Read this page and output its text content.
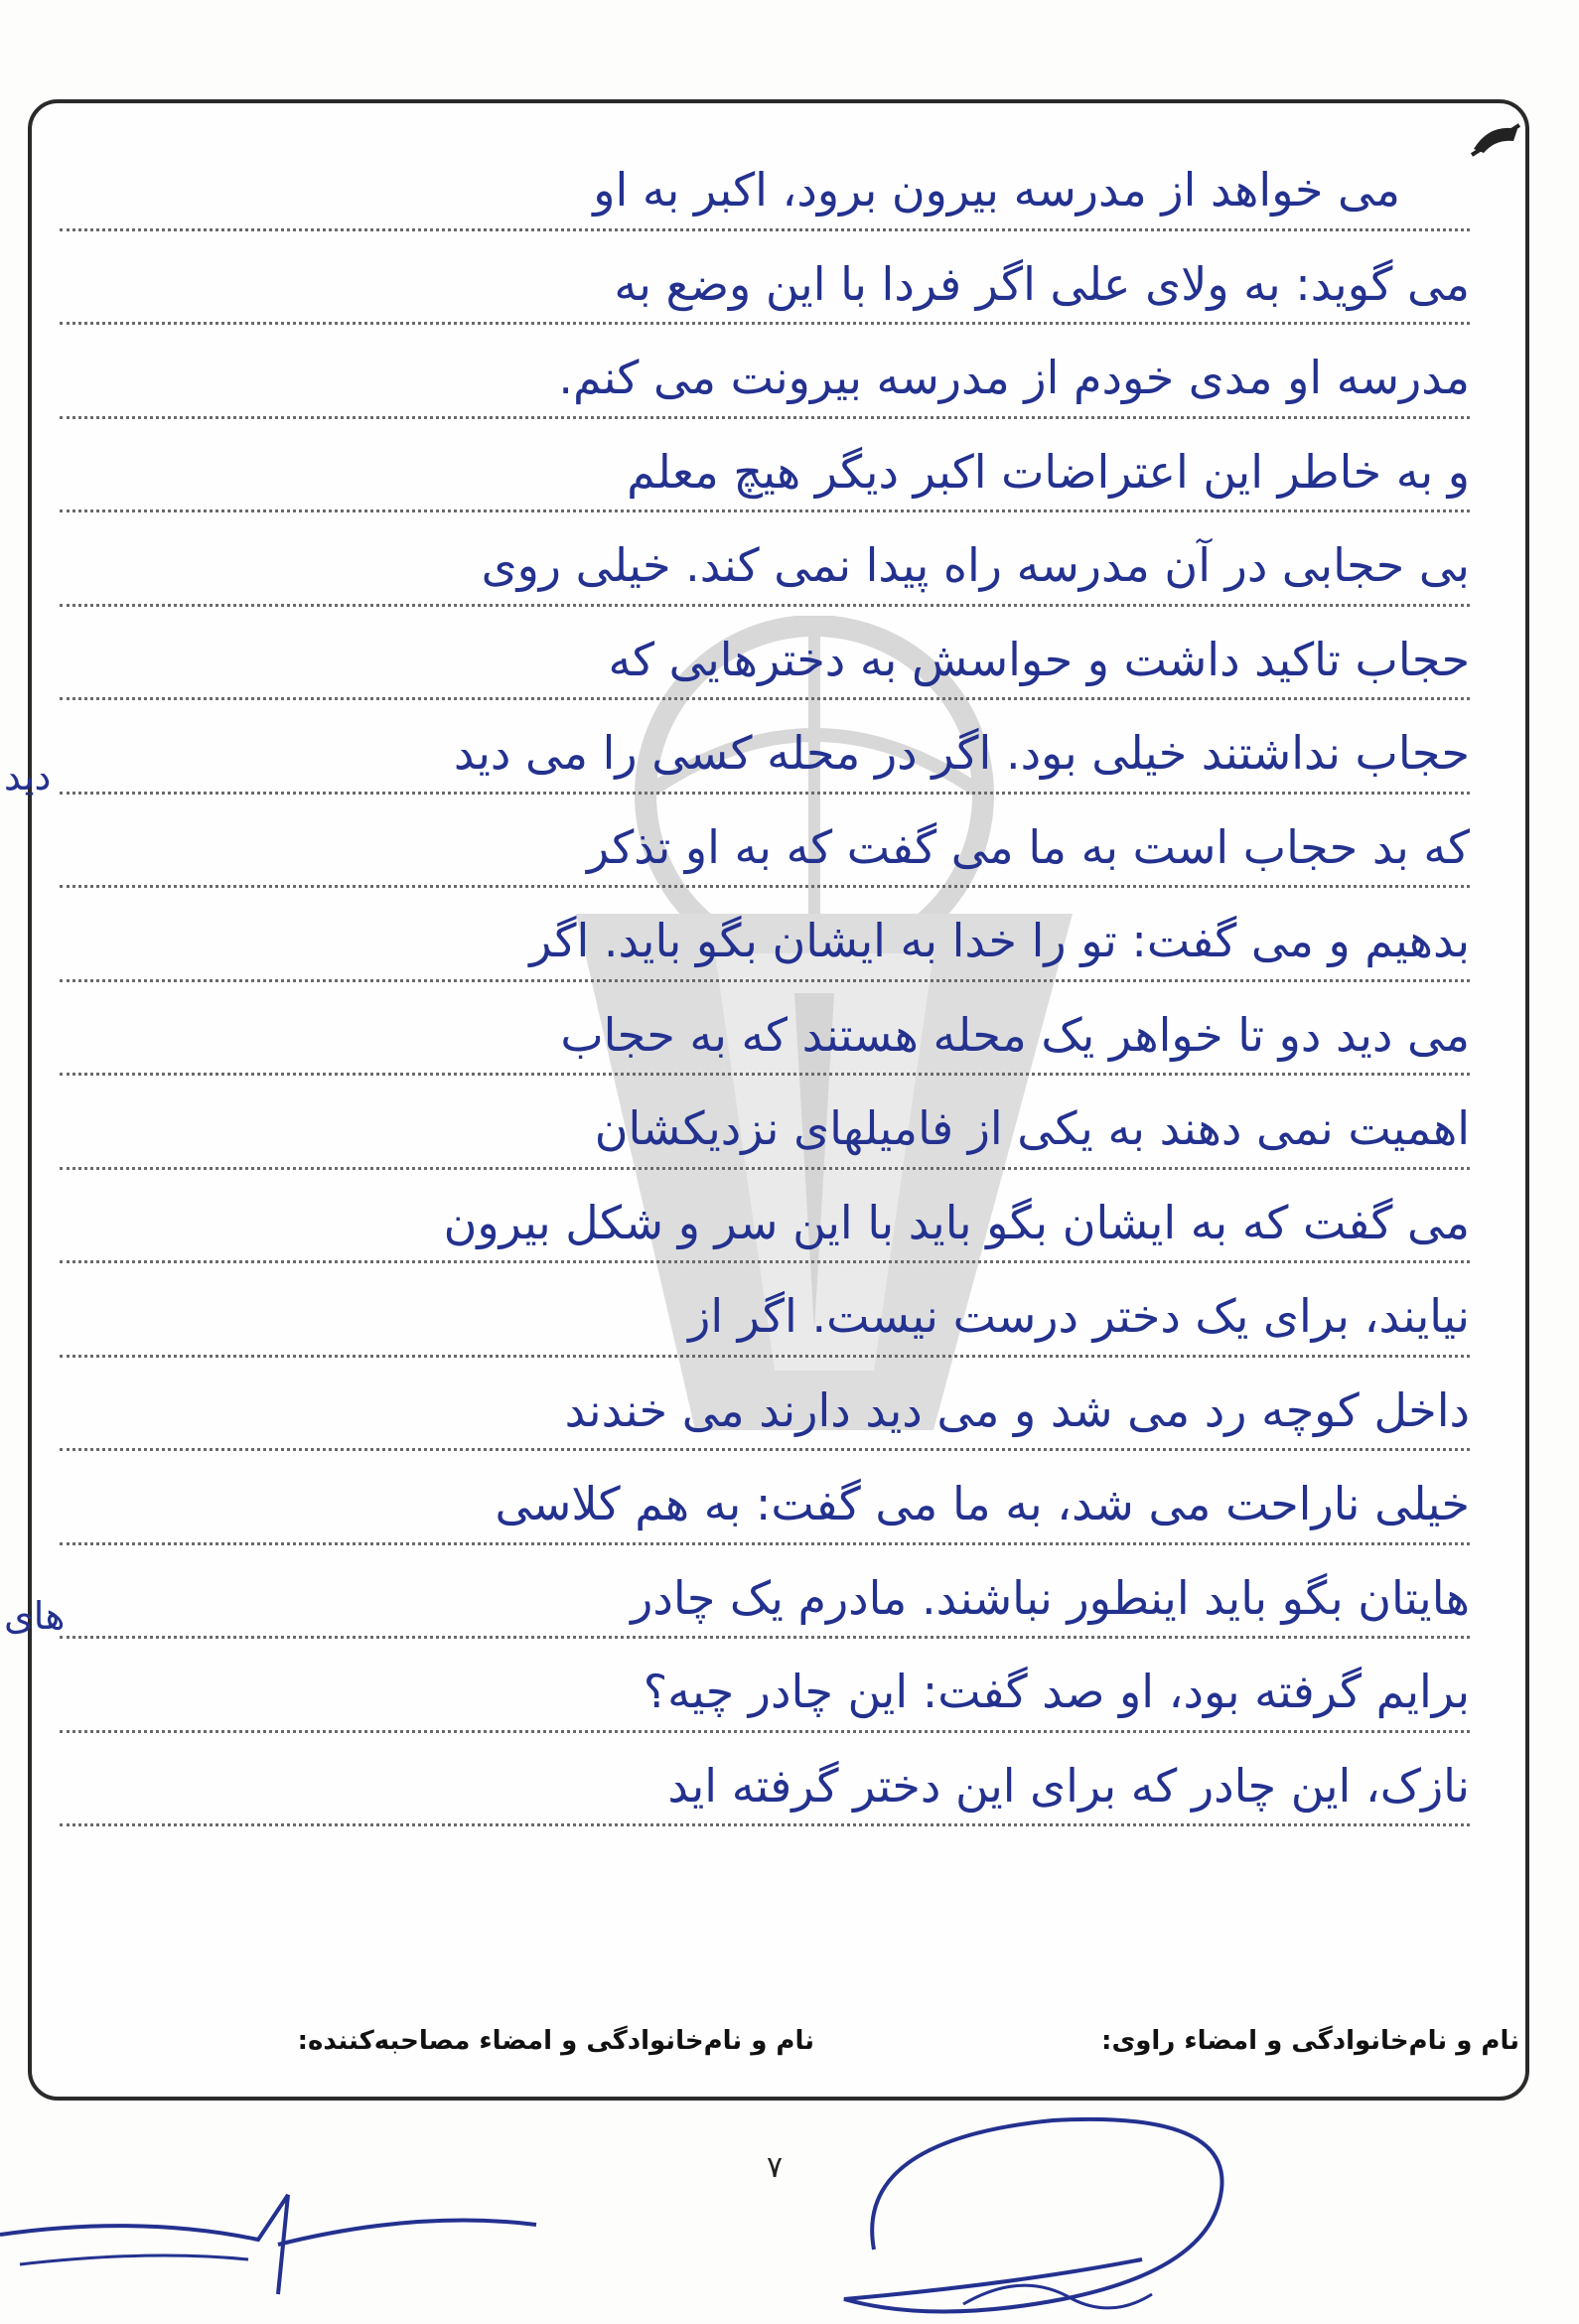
می خواهد از مدرسه بیرون برود، اکبر به او
می گوید: به ولای علی اگر فردا با این وضع به
مدرسه او مدی خودم از مدرسه بیرونت می کنم.
و به خاطر این اعتراضات اکبر دیگر هیچ معلم
بی حجابی در آن مدرسه راه پیدا نمی کند. خیلی روی
حجاب تاکید داشت و حواسش به دخترهایی که
حجاب نداشتند خیلی بود. اگر در محله کسی را می دید
که بد حجاب است به ما می گفت که به او تذکر
بدهیم و می گفت: تو را خدا به ایشان بگو باید. اگر
می دید دو تا خواهر یک محله هستند که به حجاب
اهمیت نمی دهند به یکی از فامیلهای نزدیکشان
می گفت که به ایشان بگو باید با این سر و شکل بیرون
نیایند، برای یک دختر درست نیست. اگر از
داخل کوچه رد می شد و می دید دارند می خندند
خیلی ناراحت می شد، به ما می گفت: به هم کلاسی
هایتان بگو باید اینطور نباشند. مادرم یک چادر
برایم گرفته بود، او صد گفت: این چادر چیه؟
نازک، این چادر که برای این دختر گرفته اید
دید
های
نام و نام‌خانوادگی و امضاء راوی:
نام و نام‌خانوادگی و امضاء مصاحبه‌کننده:
۷
